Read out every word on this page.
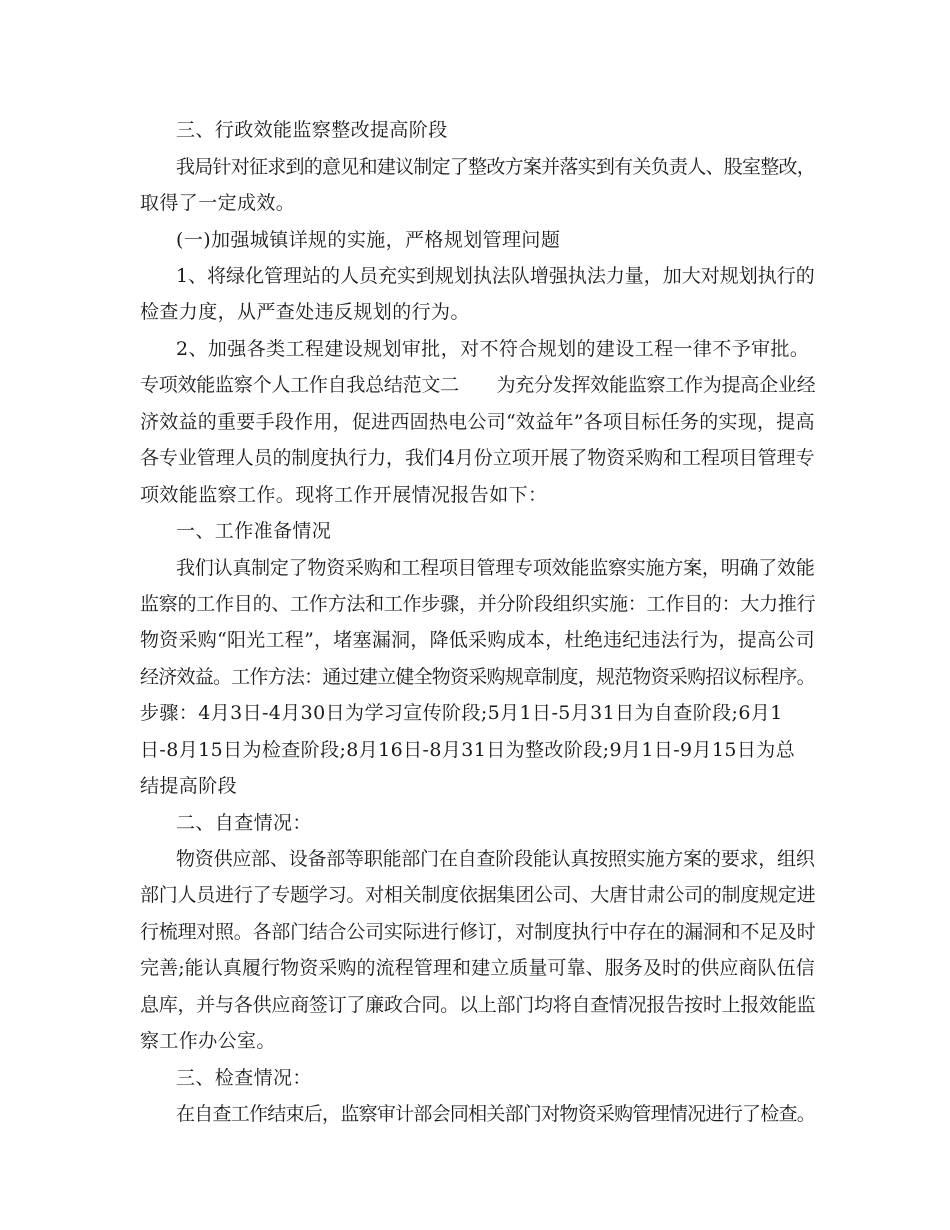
三、行政效能监察整改提高阶段
我局针对征求到的意见和建议制定了整改方案并落实到有关负责人、股室整改，
取得了一定成效。
(一)加强城镇详规的实施，严格规划管理问题
1、将绿化管理站的人员充实到规划执法队增强执法力量，加大对规划执行的
检查力度，从严查处违反规划的行为。
2、加强各类工程建设规划审批，对不符合规划的建设工程一律不予审批。
专项效能监察个人工作自我总结范文二　　为充分发挥效能监察工作为提高企业经
济效益的重要手段作用，促进西固热电公司“效益年”各项目标任务的实现，提高
各专业管理人员的制度执行力，我们4月份立项开展了物资采购和工程项目管理专
项效能监察工作。现将工作开展情况报告如下：
一、工作准备情况
我们认真制定了物资采购和工程项目管理专项效能监察实施方案，明确了效能
监察的工作目的、工作方法和工作步骤，并分阶段组织实施：工作目的：大力推行
物资采购“阳光工程”，堵塞漏洞，降低采购成本，杜绝违纪违法行为，提高公司
经济效益。工作方法：通过建立健全物资采购规章制度，规范物资采购招议标程序。
步骤：4月3日-4月30日为学习宣传阶段;5月1日-5月31日为自查阶段;6月1
日-8月15日为检查阶段;8月16日-8月31日为整改阶段;9月1日-9月15日为总
结提高阶段
二、自查情况：
物资供应部、设备部等职能部门在自查阶段能认真按照实施方案的要求，组织
部门人员进行了专题学习。对相关制度依据集团公司、大唐甘肃公司的制度规定进
行梳理对照。各部门结合公司实际进行修订，对制度执行中存在的漏洞和不足及时
完善;能认真履行物资采购的流程管理和建立质量可靠、服务及时的供应商队伍信
息库，并与各供应商签订了廉政合同。以上部门均将自查情况报告按时上报效能监
察工作办公室。
三、检查情况：
在自查工作结束后，监察审计部会同相关部门对物资采购管理情况进行了检查。
